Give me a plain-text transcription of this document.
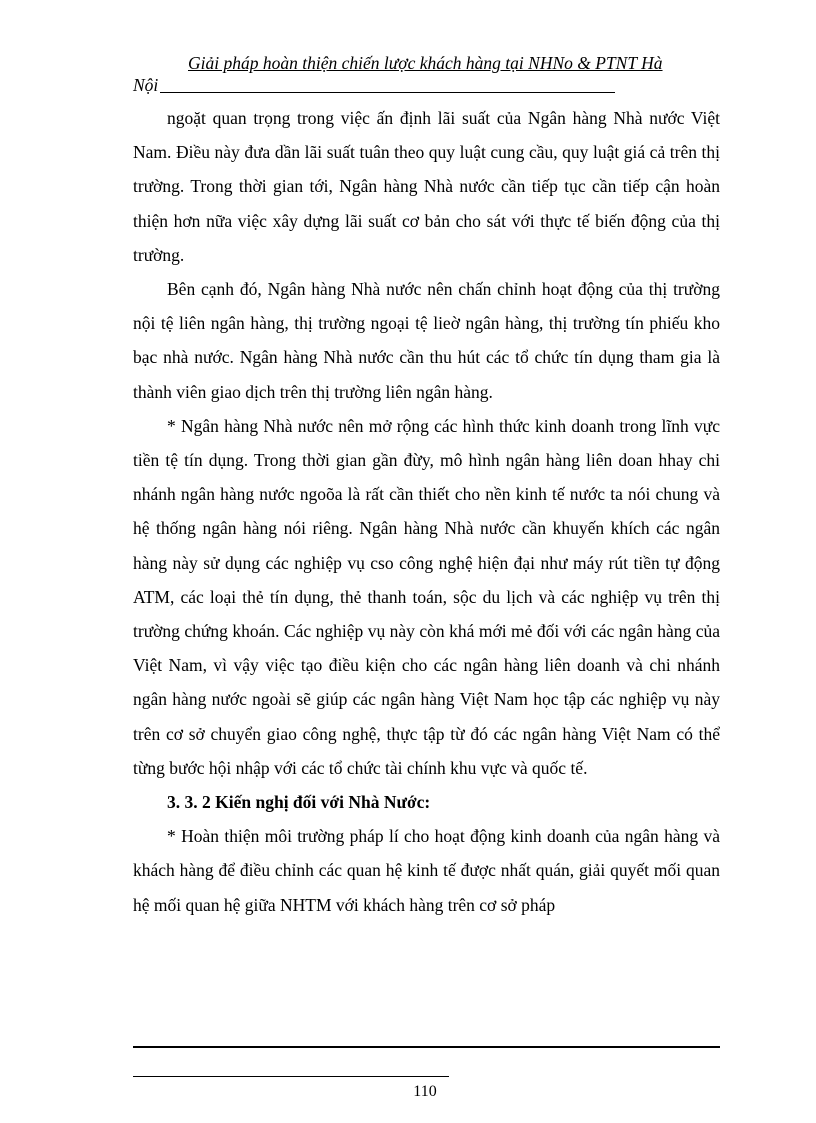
Giải pháp hoàn thiện chiến lược khách hàng tại NHNo & PTNT Hà
Nội

ngoặt quan trọng trong việc ấn định lãi suất của Ngân hàng Nhà nước Việt Nam. Điều này đưa dần lãi suất tuân theo quy luật cung cầu, quy luật giá cả trên thị trường. Trong thời gian tới, Ngân hàng Nhà nước cần tiếp tục cần tiếp cận hoàn thiện hơn nữa việc xây dựng lãi suất cơ bản cho sát với thực tế biến động của thị trường.

Bên cạnh đó, Ngân hàng Nhà nước nên chấn chỉnh hoạt động của thị trường nội tệ liên ngân hàng, thị trường ngoại tệ lieờ ngân hàng, thị trường tín phiếu kho bạc nhà nước. Ngân hàng Nhà nước cần thu hút các tổ chức tín dụng tham gia là thành viên giao dịch trên thị trường liên ngân hàng.

* Ngân hàng Nhà nước nên mở rộng các hình thức kinh doanh trong lĩnh vực tiền tệ tín dụng. Trong thời gian gần đừy, mô hình ngân hàng liên doan hhay chi nhánh ngân hàng nước ngoõa là rất cần thiết cho nền kinh tế nước ta nói chung và hệ thống ngân hàng nói riêng. Ngân hàng Nhà nước cần khuyến khích các ngân hàng này sử dụng các nghiệp vụ cso công nghệ hiện đại như máy rút tiền tự động ATM, các loại thẻ tín dụng, thẻ thanh toán, sộc du lịch và các nghiệp vụ trên thị trường chứng khoán. Các nghiệp vụ này còn khá mới mẻ đối với các ngân hàng của Việt Nam, vì vậy việc tạo điều kiện cho các ngân hàng liên doanh và chi nhánh ngân hàng nước ngoài sẽ giúp các ngân hàng Việt Nam học tập các nghiệp vụ này trên cơ sở chuyển giao công nghệ, thực tập từ đó các ngân hàng Việt Nam có thể từng bước hội nhập với các tổ chức tài chính khu vực và quốc tế.

3. 3. 2 Kiến nghị đối với Nhà Nước:

* Hoàn thiện môi trường pháp lí cho hoạt động kinh doanh của ngân hàng và khách hàng để điều chỉnh các quan hệ kinh tế được nhất quán, giải quyết mối quan hệ mối quan hệ giữa NHTM với khách hàng trên cơ sở pháp

110
